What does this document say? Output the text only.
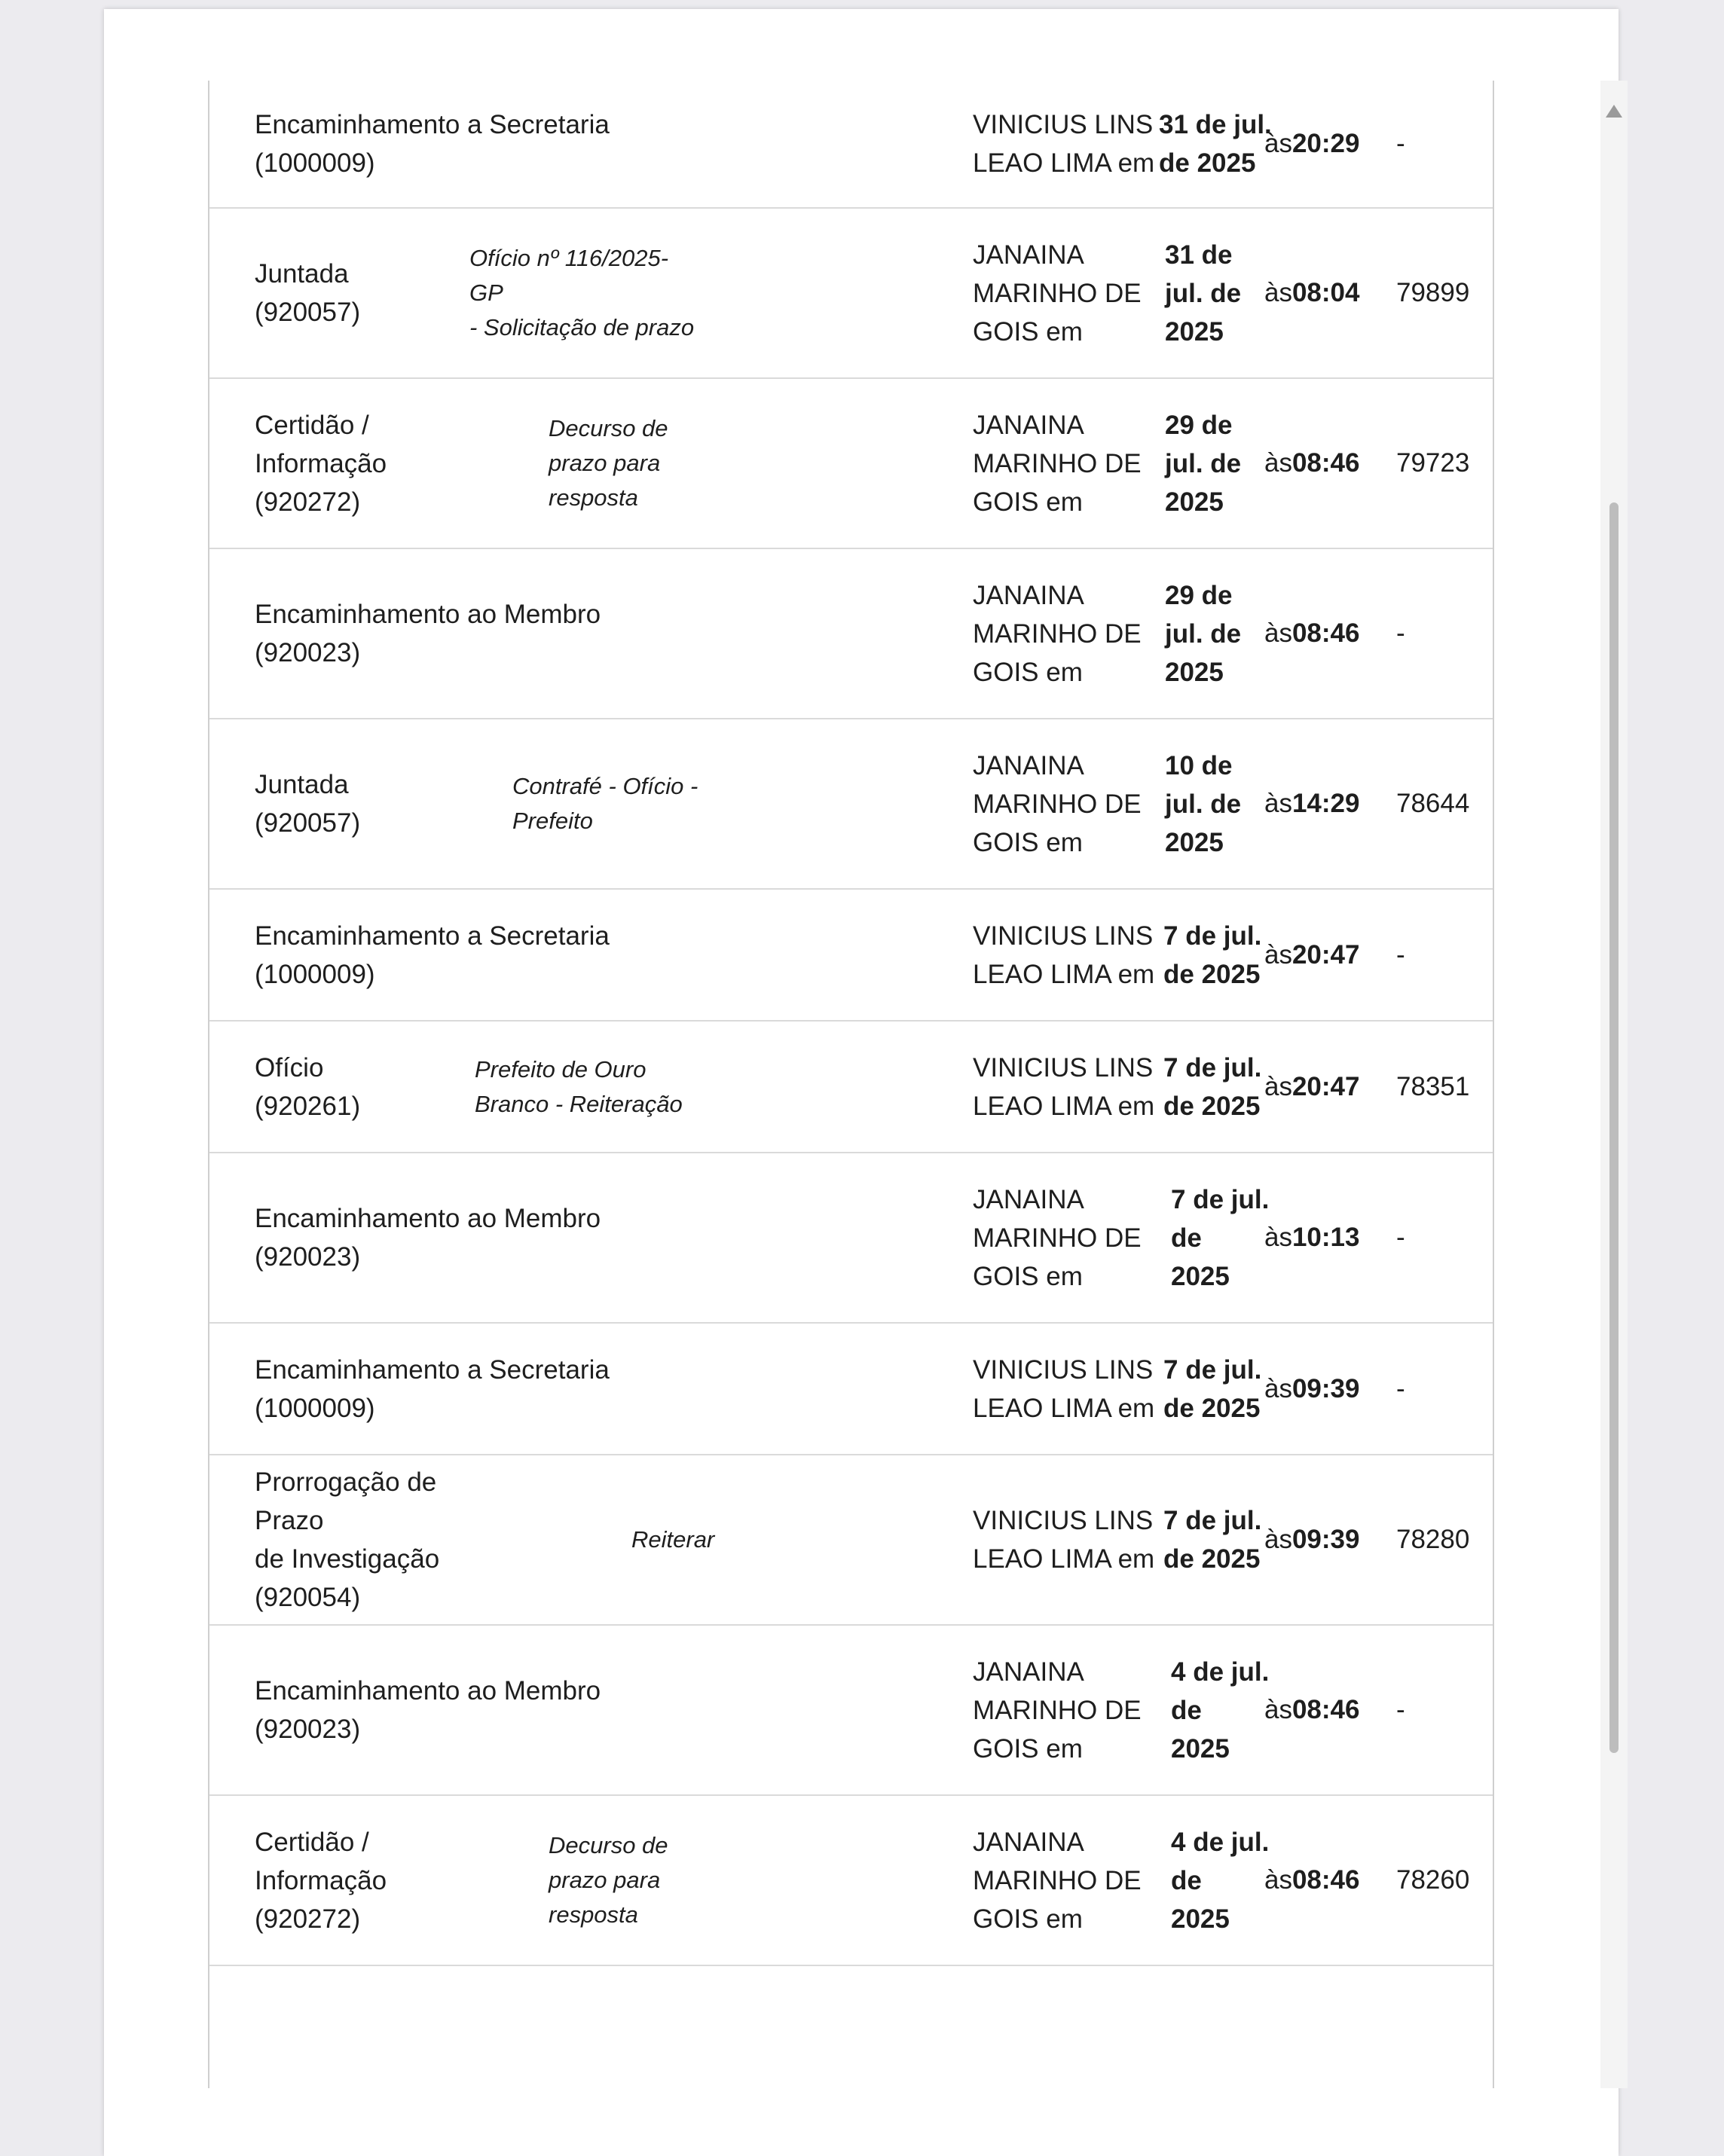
Encaminhamento a Secretaria
(1000009)
VINICIUS LINS
LEAO LIMA em
31 de jul.
de 2025
às 20:29 -
Juntada
(920057)
Ofício nº 116/2025-GP
- Solicitação de prazo
JANAINA
MARINHO DE
GOIS em
31 de
jul. de
2025
às 08:04 79899
Certidão /
Informação
(920272)
Decurso de
prazo para
resposta
JANAINA
MARINHO DE
GOIS em
29 de
jul. de
2025
às 08:46 79723
Encaminhamento ao Membro
(920023)
JANAINA
MARINHO DE
GOIS em
29 de
jul. de
2025
às 08:46 -
Juntada
(920057)
Contrafé - Ofício -
Prefeito
JANAINA
MARINHO DE
GOIS em
10 de
jul. de
2025
às 14:29 78644
Encaminhamento a Secretaria
(1000009)
VINICIUS LINS
LEAO LIMA em
7 de jul.
de 2025
às 20:47 -
Ofício
(920261)
Prefeito de Ouro
Branco - Reiteração
VINICIUS LINS
LEAO LIMA em
7 de jul.
de 2025
às 20:47 78351
Encaminhamento ao Membro
(920023)
JANAINA
MARINHO DE
GOIS em
7 de jul.
de
2025
às 10:13 -
Encaminhamento a Secretaria
(1000009)
VINICIUS LINS
LEAO LIMA em
7 de jul.
de 2025
às 09:39 -
Prorrogação de Prazo
de Investigação
(920054)
Reiterar
VINICIUS LINS
LEAO LIMA em
7 de jul.
de 2025
às 09:39 78280
Encaminhamento ao Membro
(920023)
JANAINA
MARINHO DE
GOIS em
4 de jul.
de
2025
às 08:46 -
Certidão /
Informação
(920272)
Decurso de
prazo para
resposta
JANAINA
MARINHO DE
GOIS em
4 de jul.
de
2025
às 08:46 78260
